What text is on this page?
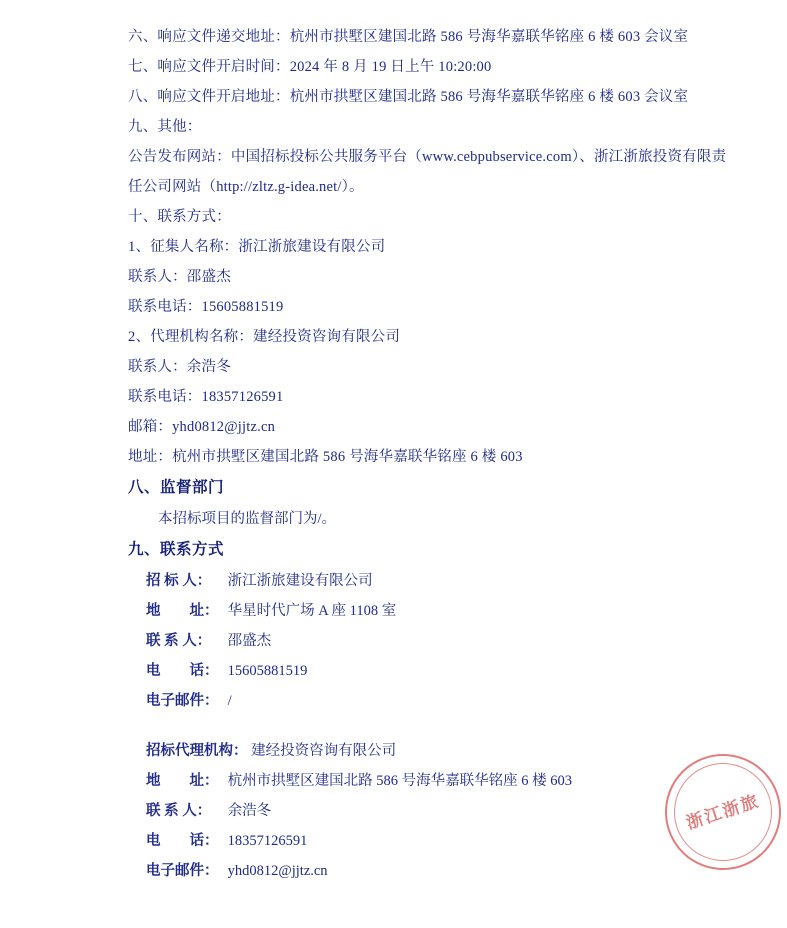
六、响应文件递交地址：杭州市拱墅区建国北路 586 号海华嘉联华铭座 6 楼 603 会议室
七、响应文件开启时间：2024 年 8 月 19 日上午 10:20:00
八、响应文件开启地址：杭州市拱墅区建国北路 586 号海华嘉联华铭座 6 楼 603 会议室
九、其他：
公告发布网站：中国招标投标公共服务平台（www.cebpubservice.com）、浙江浙旅投资有限责任公司网站（http://zltz.g-idea.net/）。
十、联系方式：
1、征集人名称：浙江浙旅建设有限公司
联系人：邵盛杰
联系电话：15605881519
2、代理机构名称：建经投资咨询有限公司
联系人：余浩冬
联系电话：18357126591
邮箱：yhd0812@jjtz.cn
地址：杭州市拱墅区建国北路 586 号海华嘉联华铭座 6 楼 603
八、监督部门
本招标项目的监督部门为/。
九、联系方式
招 标 人： 浙江浙旅建设有限公司
地　　址： 华星时代广场 A 座 1108 室
联 系 人： 邵盛杰
电　　话： 15605881519
电子邮件： /
招标代理机构： 建经投资咨询有限公司
地　　址： 杭州市拱墅区建国北路 586 号海华嘉联华铭座 6 楼 603
联 系 人： 余浩冬
电　　话： 18357126591
电子邮件： yhd0812@jjtz.cn
浙江浙旅
